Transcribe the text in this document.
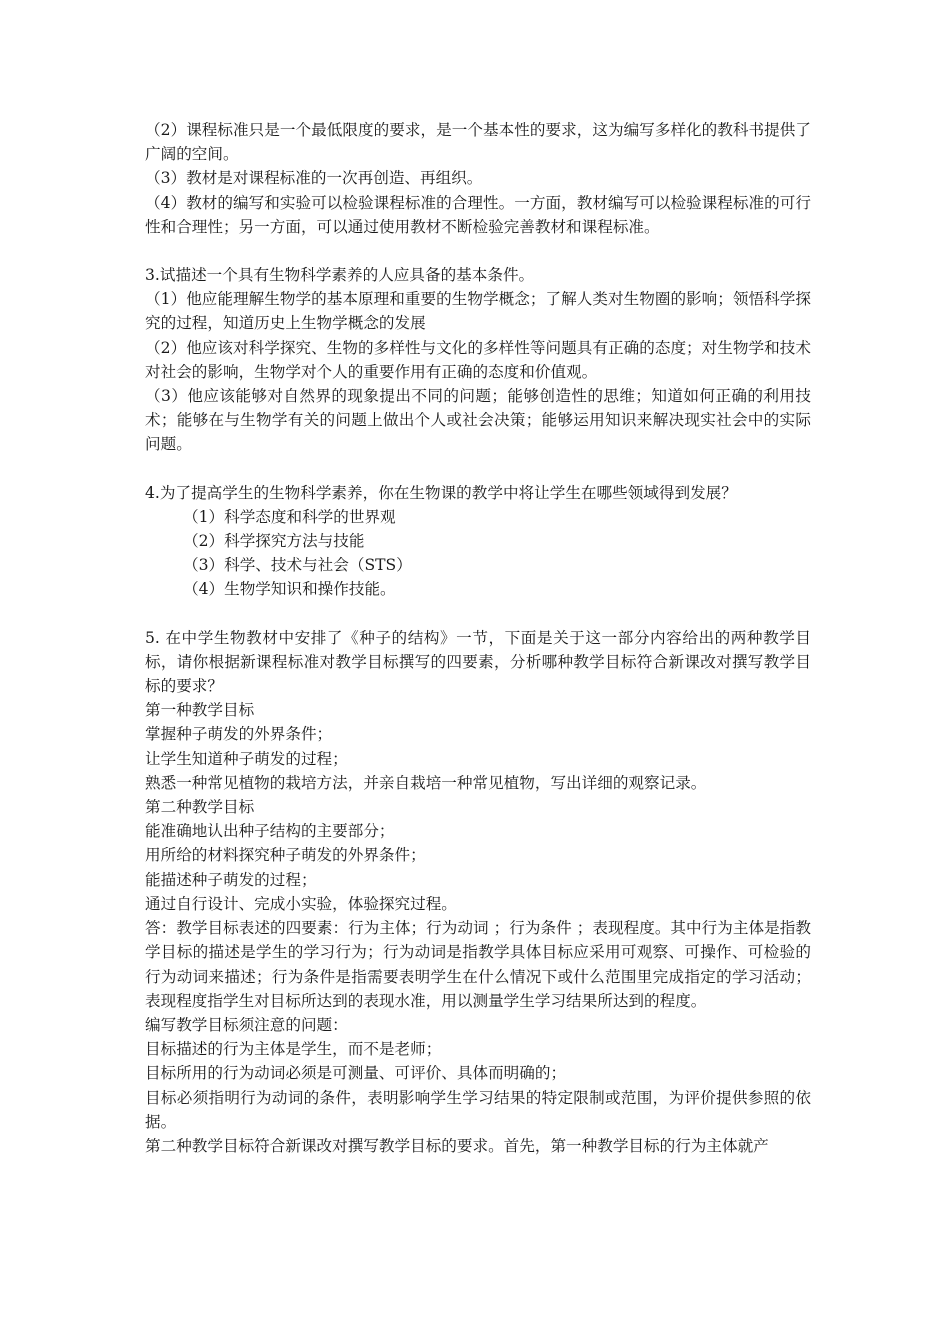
（2）课程标准只是一个最低限度的要求，是一个基本性的要求，这为编写多样化的教科书提供了广阔的空间。

（3）教材是对课程标准的一次再创造、再组织。

（4）教材的编写和实验可以检验课程标准的合理性。一方面，教材编写可以检验课程标准的可行性和合理性；另一方面，可以通过使用教材不断检验完善教材和课程标准。

3.试描述一个具有生物科学素养的人应具备的基本条件。

（1）他应能理解生物学的基本原理和重要的生物学概念；了解人类对生物圈的影响；领悟科学探究的过程，知道历史上生物学概念的发展

（2）他应该对科学探究、生物的多样性与文化的多样性等问题具有正确的态度；对生物学和技术对社会的影响，生物学对个人的重要作用有正确的态度和价值观。

（3）他应该能够对自然界的现象提出不同的问题；能够创造性的思维；知道如何正确的利用技术；能够在与生物学有关的问题上做出个人或社会决策；能够运用知识来解决现实社会中的实际问题。

4.为了提高学生的生物科学素养，你在生物课的教学中将让学生在哪些领域得到发展？

（1）科学态度和科学的世界观

（2）科学探究方法与技能

（3）科学、技术与社会（STS）

（4）生物学知识和操作技能。

5. 在中学生物教材中安排了《种子的结构》一节，下面是关于这一部分内容给出的两种教学目标，请你根据新课程标准对教学目标撰写的四要素，分析哪种教学目标符合新课改对撰写教学目标的要求？

第一种教学目标

掌握种子萌发的外界条件；

让学生知道种子萌发的过程；

熟悉一种常见植物的栽培方法，并亲自栽培一种常见植物，写出详细的观察记录。

第二种教学目标

能准确地认出种子结构的主要部分；

用所给的材料探究种子萌发的外界条件；

能描述种子萌发的过程；

通过自行设计、完成小实验，体验探究过程。

答：教学目标表述的四要素：行为主体；行为动词 ；行为条件 ；表现程度。其中行为主体是指教学目标的描述是学生的学习行为；行为动词是指教学具体目标应采用可观察、可操作、可检验的行为动词来描述；行为条件是指需要表明学生在什么情况下或什么范围里完成指定的学习活动；表现程度指学生对目标所达到的表现水准，用以测量学生学习结果所达到的程度。

编写教学目标须注意的问题：

目标描述的行为主体是学生，而不是老师；

目标所用的行为动词必须是可测量、可评价、具体而明确的；

目标必须指明行为动词的条件，表明影响学生学习结果的特定限制或范围，为评价提供参照的依据。

第二种教学目标符合新课改对撰写教学目标的要求。首先，第一种教学目标的行为主体就产
